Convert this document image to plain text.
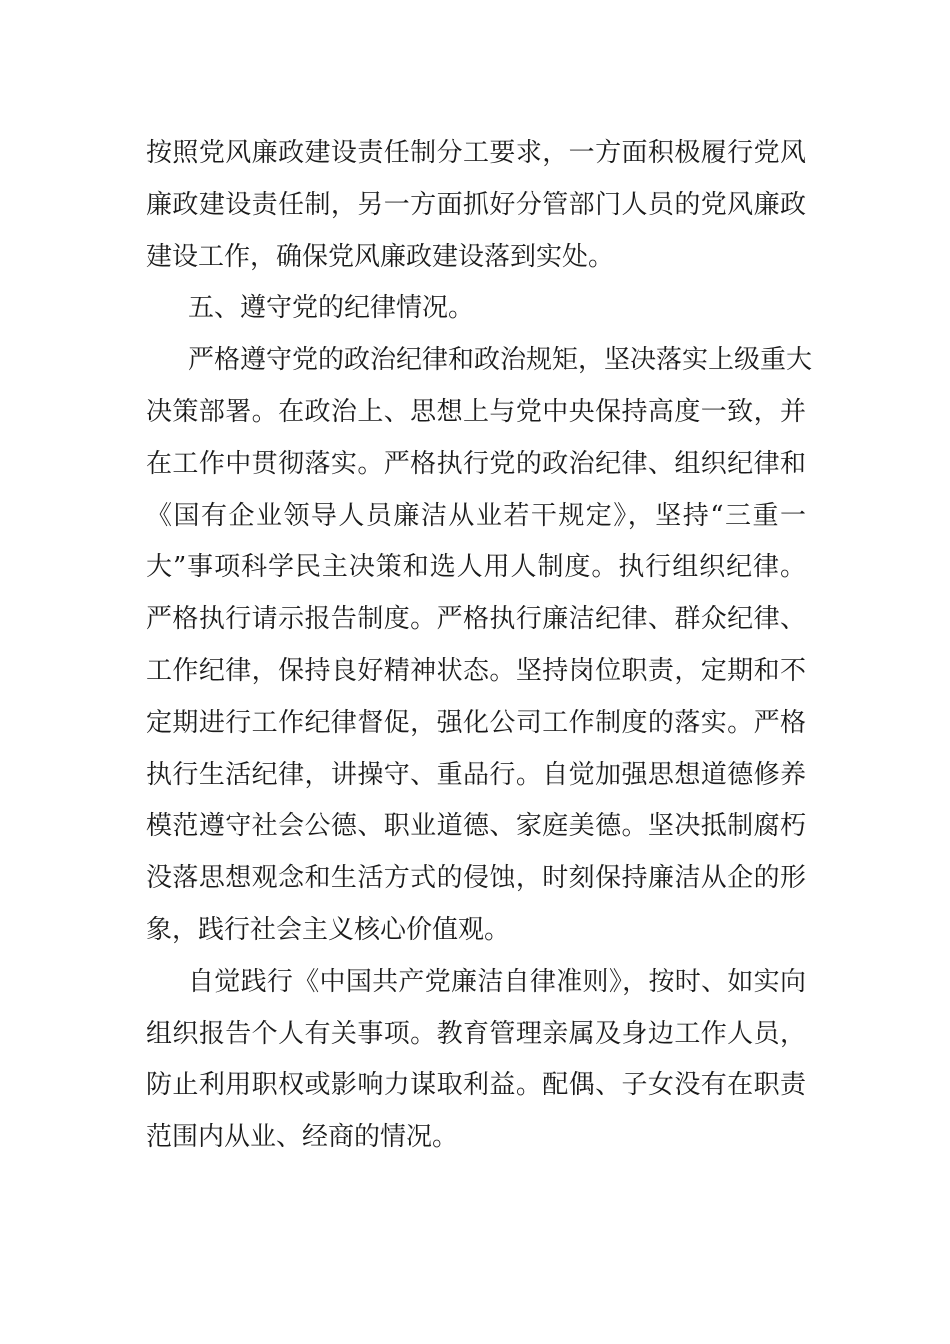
按照党风廉政建设责任制分工要求，一方面积极履行党风
廉政建设责任制，另一方面抓好分管部门人员的党风廉政
建设工作，确保党风廉政建设落到实处。
五、遵守党的纪律情况。
严格遵守党的政治纪律和政治规矩，坚决落实上级重大
决策部署。在政治上、思想上与党中央保持高度一致，并
在工作中贯彻落实。严格执行党的政治纪律、组织纪律和
《国有企业领导人员廉洁从业若干规定》，坚持“三重一
大”事项科学民主决策和选人用人制度。执行组织纪律。
严格执行请示报告制度。严格执行廉洁纪律、群众纪律、
工作纪律，保持良好精神状态。坚持岗位职责，定期和不
定期进行工作纪律督促，强化公司工作制度的落实。严格
执行生活纪律，讲操守、重品行。自觉加强思想道德修养
模范遵守社会公德、职业道德、家庭美德。坚决抵制腐朽
没落思想观念和生活方式的侵蚀，时刻保持廉洁从企的形
象，践行社会主义核心价值观。
自觉践行《中国共产党廉洁自律准则》，按时、如实向
组织报告个人有关事项。教育管理亲属及身边工作人员，
防止利用职权或影响力谋取利益。配偶、子女没有在职责
范围内从业、经商的情况。
